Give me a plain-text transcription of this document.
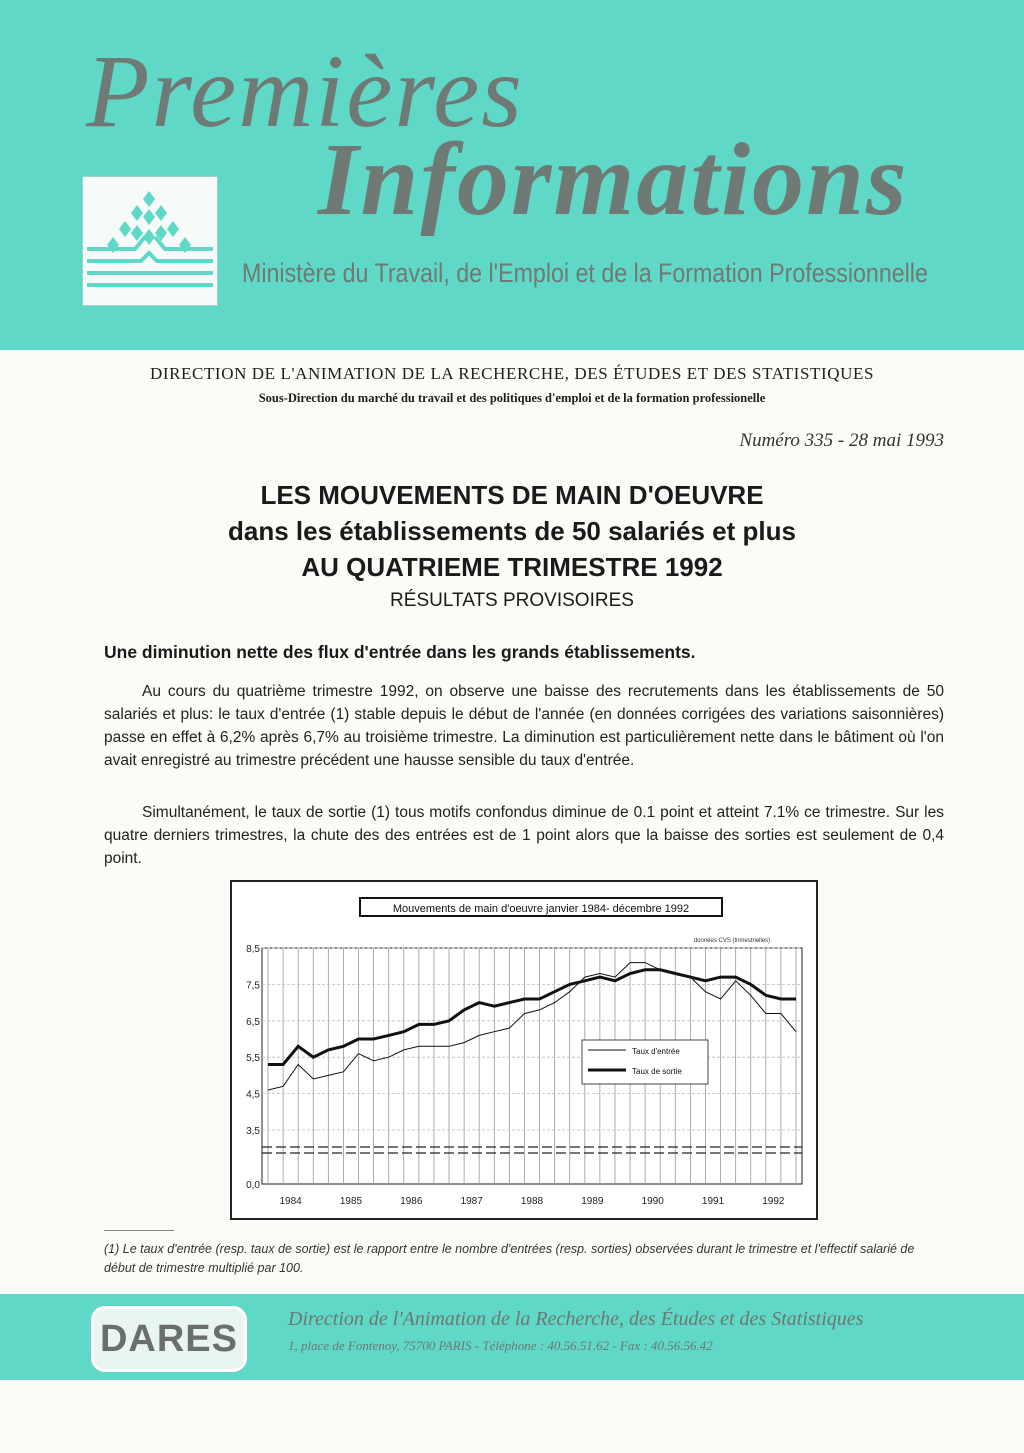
Premières
Informations
Ministère du Travail, de l'Emploi et de la Formation Professionnelle
DIRECTION DE L'ANIMATION DE LA RECHERCHE, DES ÉTUDES ET DES STATISTIQUES
Sous-Direction du marché du travail et des politiques d'emploi et de la formation professionelle
Numéro 335 - 28 mai 1993
LES MOUVEMENTS DE MAIN D'OEUVRE
dans les établissements de 50 salariés et plus
AU QUATRIEME TRIMESTRE 1992
RÉSULTATS PROVISOIRES
Une diminution nette des flux d'entrée dans les grands établissements.

Au cours du quatrième trimestre 1992, on observe une baisse des recrutements dans les établissements de 50 salariés et plus: le taux d'entrée (1) stable depuis le début de l'année (en données corrigées des variations saisonnières) passe en effet à 6,2% après 6,7% au troisième trimestre. La diminution est particulièrement nette dans le bâtiment où l'on avait enregistré au trimestre précédent une hausse sensible du taux d'entrée.

Simultanément, le taux de sortie (1) tous motifs confondus diminue de 0.1 point et atteint 7.1% ce trimestre. Sur les quatre derniers trimestres, la chute des des entrées est de 1 point alors que la baisse des sorties est seulement de 0,4 point.

0,0
3,5
4,5
5,5
6,5
7,5
8,5
1984	1985	1986	1987	1988	1989	1990	1991	1992
Mouvements de main d'oeuvre janvier 1984- décembre 1992
données CVS (trimestrielles)
Taux d'entrée
Taux de sortie
(1) Le taux d'entrée (resp. taux de sortie) est le rapport entre le nombre d'entrées (resp. sorties) observées durant le trimestre et l'effectif salarié de début de trimestre multiplié par 100.
DARES	Direction de l'Animation de la Recherche, des Études et des Statistiques
1, place de Fontenoy, 75700 PARIS - Téléphone : 40.56.51.62 - Fax : 40.56.56.42
